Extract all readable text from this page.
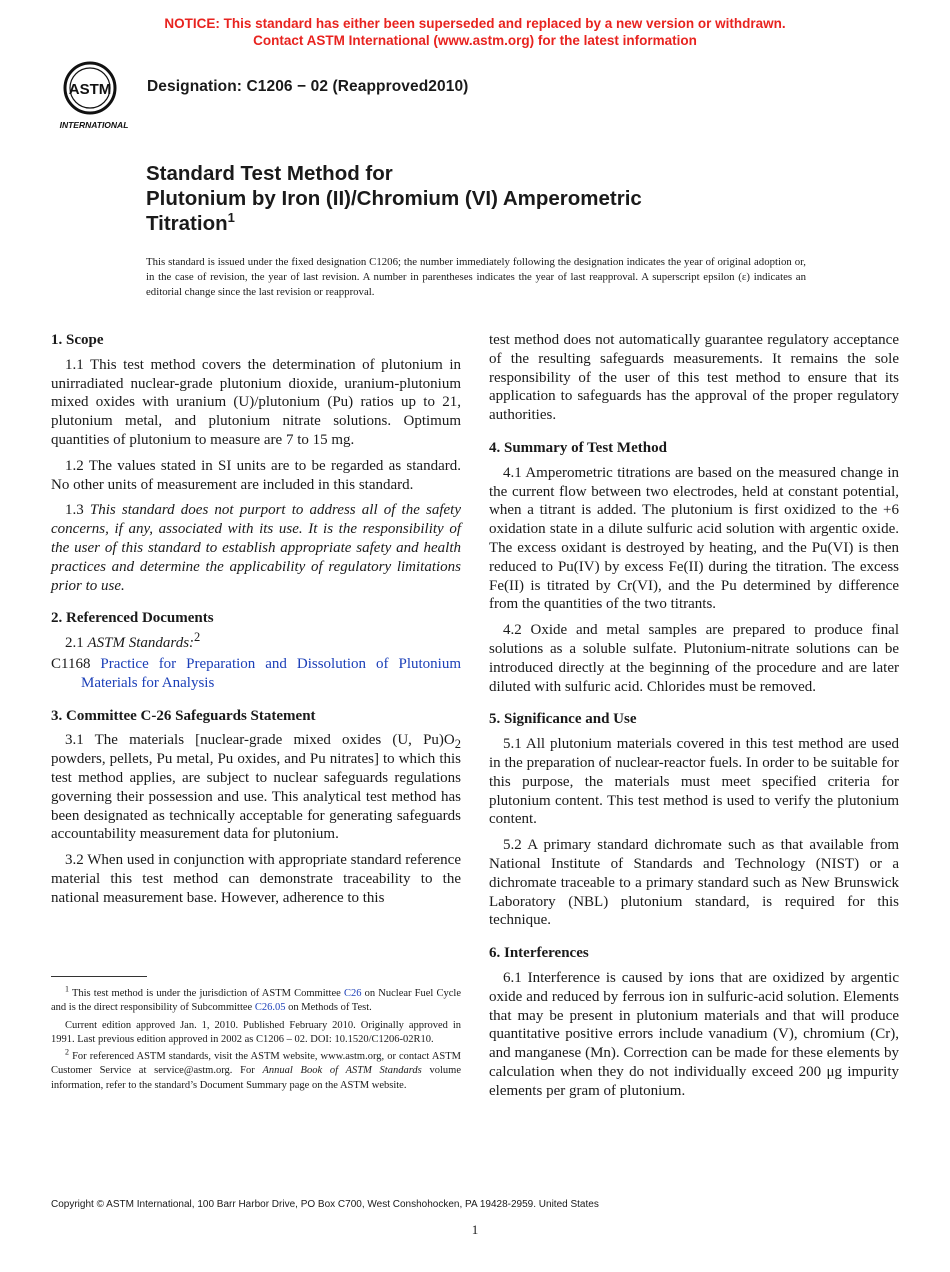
NOTICE: This standard has either been superseded and replaced by a new version or withdrawn.
Contact ASTM International (www.astm.org) for the latest information
ASTM
INTERNATIONAL
Designation: C1206 − 02 (Reapproved2010)
Standard Test Method for
Plutonium by Iron (II)/Chromium (VI) Amperometric
Titration$^1$
This standard is issued under the fixed designation C1206; the number immediately following the designation indicates the year of original adoption or, in the case of revision, the year of last revision. A number in parentheses indicates the year of last reapproval. A superscript epsilon (ε) indicates an editorial change since the last revision or reapproval.
1. Scope

1.1 This test method covers the determination of plutonium in unirradiated nuclear-grade plutonium dioxide, uranium-plutonium mixed oxides with uranium (U)/plutonium (Pu) ratios up to 21, plutonium metal, and plutonium nitrate solutions. Optimum quantities of plutonium to measure are 7 to 15 mg.

1.2 The values stated in SI units are to be regarded as standard. No other units of measurement are included in this standard.

1.3 This standard does not purport to address all of the safety concerns, if any, associated with its use. It is the responsibility of the user of this standard to establish appropriate safety and health practices and determine the applicability of regulatory limitations prior to use.

2. Referenced Documents

2.1 ASTM Standards:$^2$

C1168 Practice for Preparation and Dissolution of Plutonium Materials for Analysis

3. Committee C-26 Safeguards Statement

3.1 The materials [nuclear-grade mixed oxides (U, $Pu)O_2$ powders, pellets, Pu metal, Pu oxides, and Pu nitrates] to which this test method applies, are subject to nuclear safeguards regulations governing their possession and use. This analytical test method has been designated as technically acceptable for generating safeguards accountability measurement data for plutonium.

3.2 When used in conjunction with appropriate standard reference material this test method can demonstrate traceability to the national measurement base. However, adherence to this

$^1$ This test method is under the jurisdiction of ASTM Committee C26 on Nuclear Fuel Cycle and is the direct responsibility of Subcommittee C26.05 on Methods of Test.

Current edition approved Jan. 1, 2010. Published February 2010. Originally approved in 1991. Last previous edition approved in 2002 as C1206 – 02. DOI: 10.1520/C1206-02R10.

$^2$ For referenced ASTM standards, visit the ASTM website, www.astm.org, or contact ASTM Customer Service at service@astm.org. For Annual Book of ASTM Standards volume information, refer to the standard’s Document Summary page on the ASTM website.

test method does not automatically guarantee regulatory acceptance of the resulting safeguards measurements. It remains the sole responsibility of the user of this test method to ensure that its application to safeguards has the approval of the proper regulatory authorities.

4. Summary of Test Method

4.1 Amperometric titrations are based on the measured change in the current flow between two electrodes, held at constant potential, when a titrant is added. The plutonium is first oxidized to the +6 oxidation state in a dilute sulfuric acid solution with argentic oxide. The excess oxidant is destroyed by heating, and the Pu(VI) is then reduced to Pu(IV) by excess Fe(II) during the titration. The excess Fe(II) is titrated by Cr(VI), and the Pu determined by difference from the quantities of the two titrants.

4.2 Oxide and metal samples are prepared to produce final solutions as a soluble sulfate. Plutonium-nitrate solutions can be introduced directly at the beginning of the procedure and are later diluted with sulfuric acid. Chlorides must be removed.

5. Significance and Use

5.1 All plutonium materials covered in this test method are used in the preparation of nuclear-reactor fuels. In order to be suitable for this purpose, the materials must meet specified criteria for plutonium content. This test method is used to verify the plutonium content.

5.2 A primary standard dichromate such as that available from National Institute of Standards and Technology (NIST) or a dichromate traceable to a primary standard such as New Brunswick Laboratory (NBL) plutonium standard, is required for this technique.

6. Interferences

6.1 Interference is caused by ions that are oxidized by argentic oxide and reduced by ferrous ion in sulfuric-acid solution. Elements that may be present in plutonium materials and that will produce quantitative positive errors include vanadium (V), chromium (Cr), and manganese (Mn). Correction can be made for these elements by calculation when they do not individually exceed 200 μg impurity elements per gram of plutonium.

Copyright © ASTM International, 100 Barr Harbor Drive, PO Box C700, West Conshohocken, PA 19428-2959. United States
1
